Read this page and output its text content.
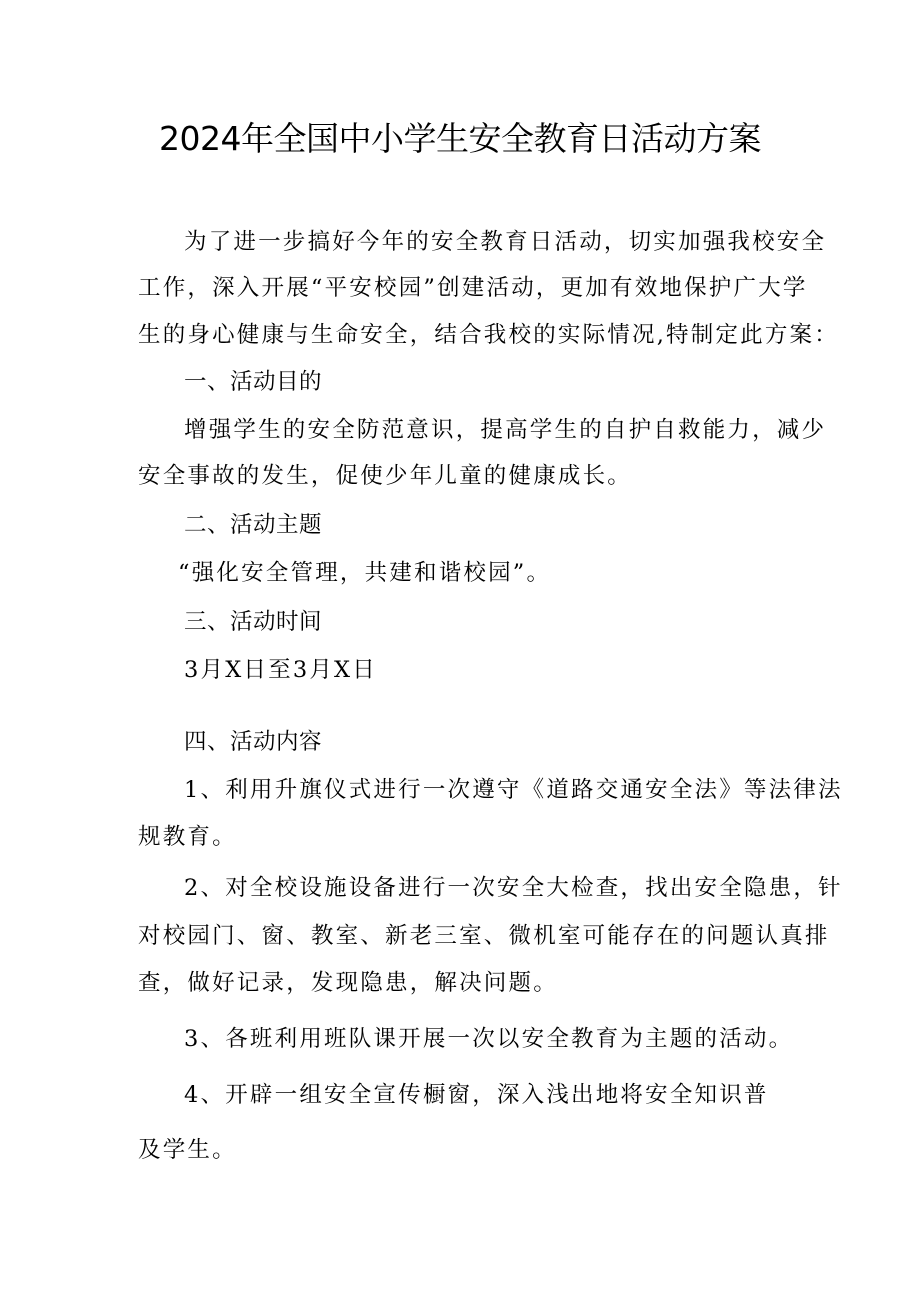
2024年全国中小学生安全教育日活动方案

为了进一步搞好今年的安全教育日活动，切实加强我校安全

工作，深入开展“平安校园”创建活动，更加有效地保护广大学

生的身心健康与生命安全，结合我校的实际情况,特制定此方案：

一、活动目的

增强学生的安全防范意识，提高学生的自护自救能力，减少

安全事故的发生，促使少年儿童的健康成长。

二、活动主题

“强化安全管理，共建和谐校园”。

三、活动时间

3月X日至3月X日

四、活动内容

1、利用升旗仪式进行一次遵守《道路交通安全法》等法律法

规教育。

2、对全校设施设备进行一次安全大检查，找出安全隐患，针

对校园门、窗、教室、新老三室、微机室可能存在的问题认真排

查，做好记录，发现隐患，解决问题。

3、各班利用班队课开展一次以安全教育为主题的活动。

4、开辟一组安全宣传橱窗，深入浅出地将安全知识普

及学生。
